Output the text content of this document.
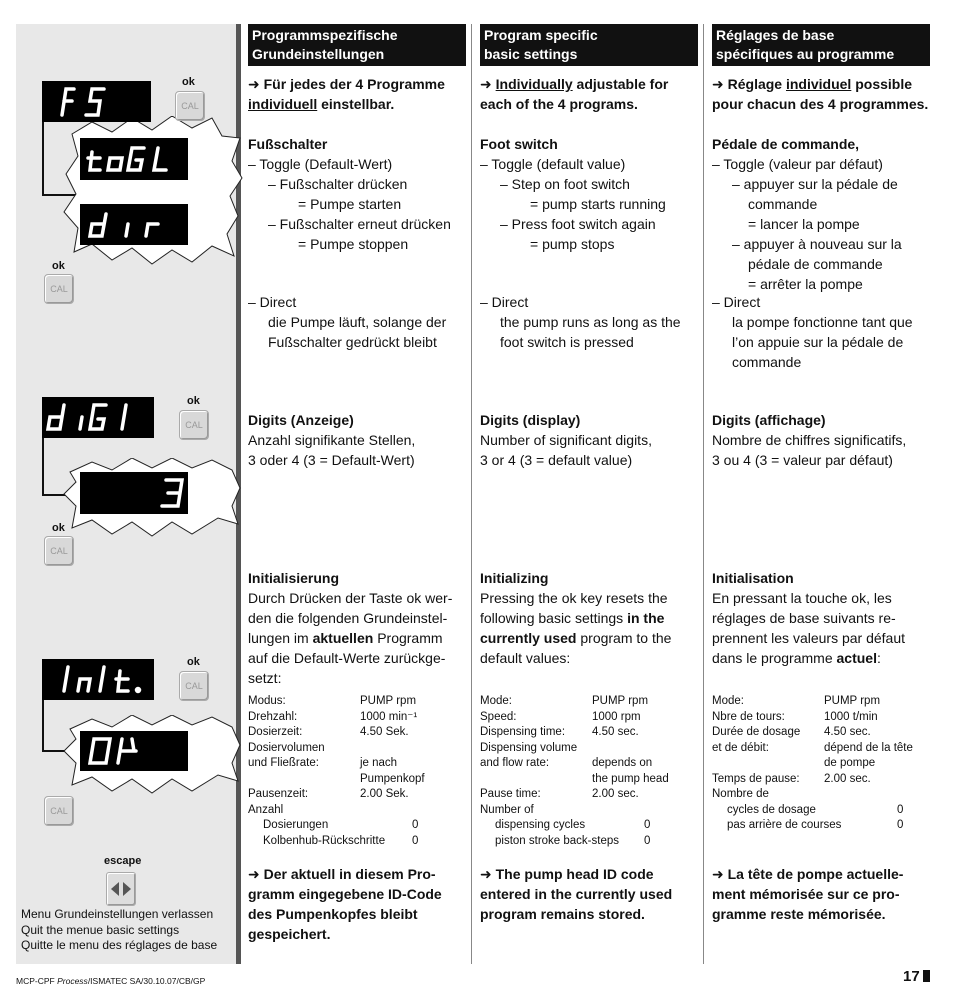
ok
CAL
ok
CAL
ok
CAL
ok
CAL
ok
CAL
CAL
escape
Menu Grundeinstellungen verlassen
Quit the menue basic settings
Quitte le menu des réglages de base
Programmspezifische
Grundeinstellungen
➜ Für jedes der 4 Programme
individuell einstellbar.
Fußschalter
– Toggle (Default-Wert)
– Fußschalter drücken
= Pumpe starten
– Fußschalter erneut drücken
= Pumpe stoppen
– Direct
die Pumpe läuft, solange der
Fußschalter gedrückt bleibt
Digits (Anzeige)
Anzahl signifikante Stellen,
3 oder 4 (3 = Default-Wert)
Initialisierung
Durch Drücken der Taste ok wer-
den die folgenden Grundeinstel-
lungen im aktuellen Programm
auf die Default-Werte zurückge-
setzt:
Modus:	PUMP rpm
Drehzahl:	1000 min⁻¹
Dosierzeit:	4.50 Sek.
Dosiervolumen
und Fließrate:	je nach
Pumpenkopf
Pausenzeit:	2.00 Sek.
Anzahl
Dosierungen	0
Kolbenhub-Rückschritte	0
➜ Der aktuell in diesem Pro-
gramm eingegebene ID-Code
des Pumpenkopfes bleibt
gespeichert.
Program specific
basic settings
➜ Individually adjustable for
each of the 4 programs.
Foot switch
– Toggle (default value)
– Step on foot switch
= pump starts running
– Press foot switch again
= pump stops
– Direct
the pump runs as long as the
foot switch is pressed
Digits (display)
Number of significant digits,
3 or 4 (3 = default value)
Initializing
Pressing the ok key resets the
following basic settings in the
currently used program to the
default values:
Mode:	PUMP rpm
Speed:	1000 rpm
Dispensing time:	4.50 sec.
Dispensing volume
and flow rate:	depends on
the pump head
Pause time:	2.00 sec.
Number of
dispensing cycles	0
piston stroke back-steps	0
➜ The pump head ID code
entered in the currently used
program remains stored.
Réglages de base
spécifiques au programme
➜ Réglage individuel possible
pour chacun des 4 programmes.
Pédale de commande,
– Toggle (valeur par défaut)
– appuyer sur la pédale de
commande
= lancer la pompe
– appuyer à nouveau sur la
pédale de commande
= arrêter la pompe
– Direct
la pompe fonctionne tant que
l’on appuie sur la pédale de
commande
Digits (affichage)
Nombre de chiffres significatifs,
3 ou 4 (3 = valeur par défaut)
Initialisation
En pressant la touche ok, les
réglages de base suivants re-
prennent les valeurs par défaut
dans le programme actuel:
Mode:	PUMP rpm
Nbre de tours:	1000 t/min
Durée de dosage	4.50 sec.
et de débit:	dépend de la tête
de pompe
Temps de pause:	2.00 sec.
Nombre de
cycles de dosage	0
pas arrière de courses	0
➜ La tête de pompe actuelle-
ment mémorisée sur ce pro-
gramme reste mémorisée.
MCP-CPF Process/ISMATEC SA/30.10.07/CB/GP	17
